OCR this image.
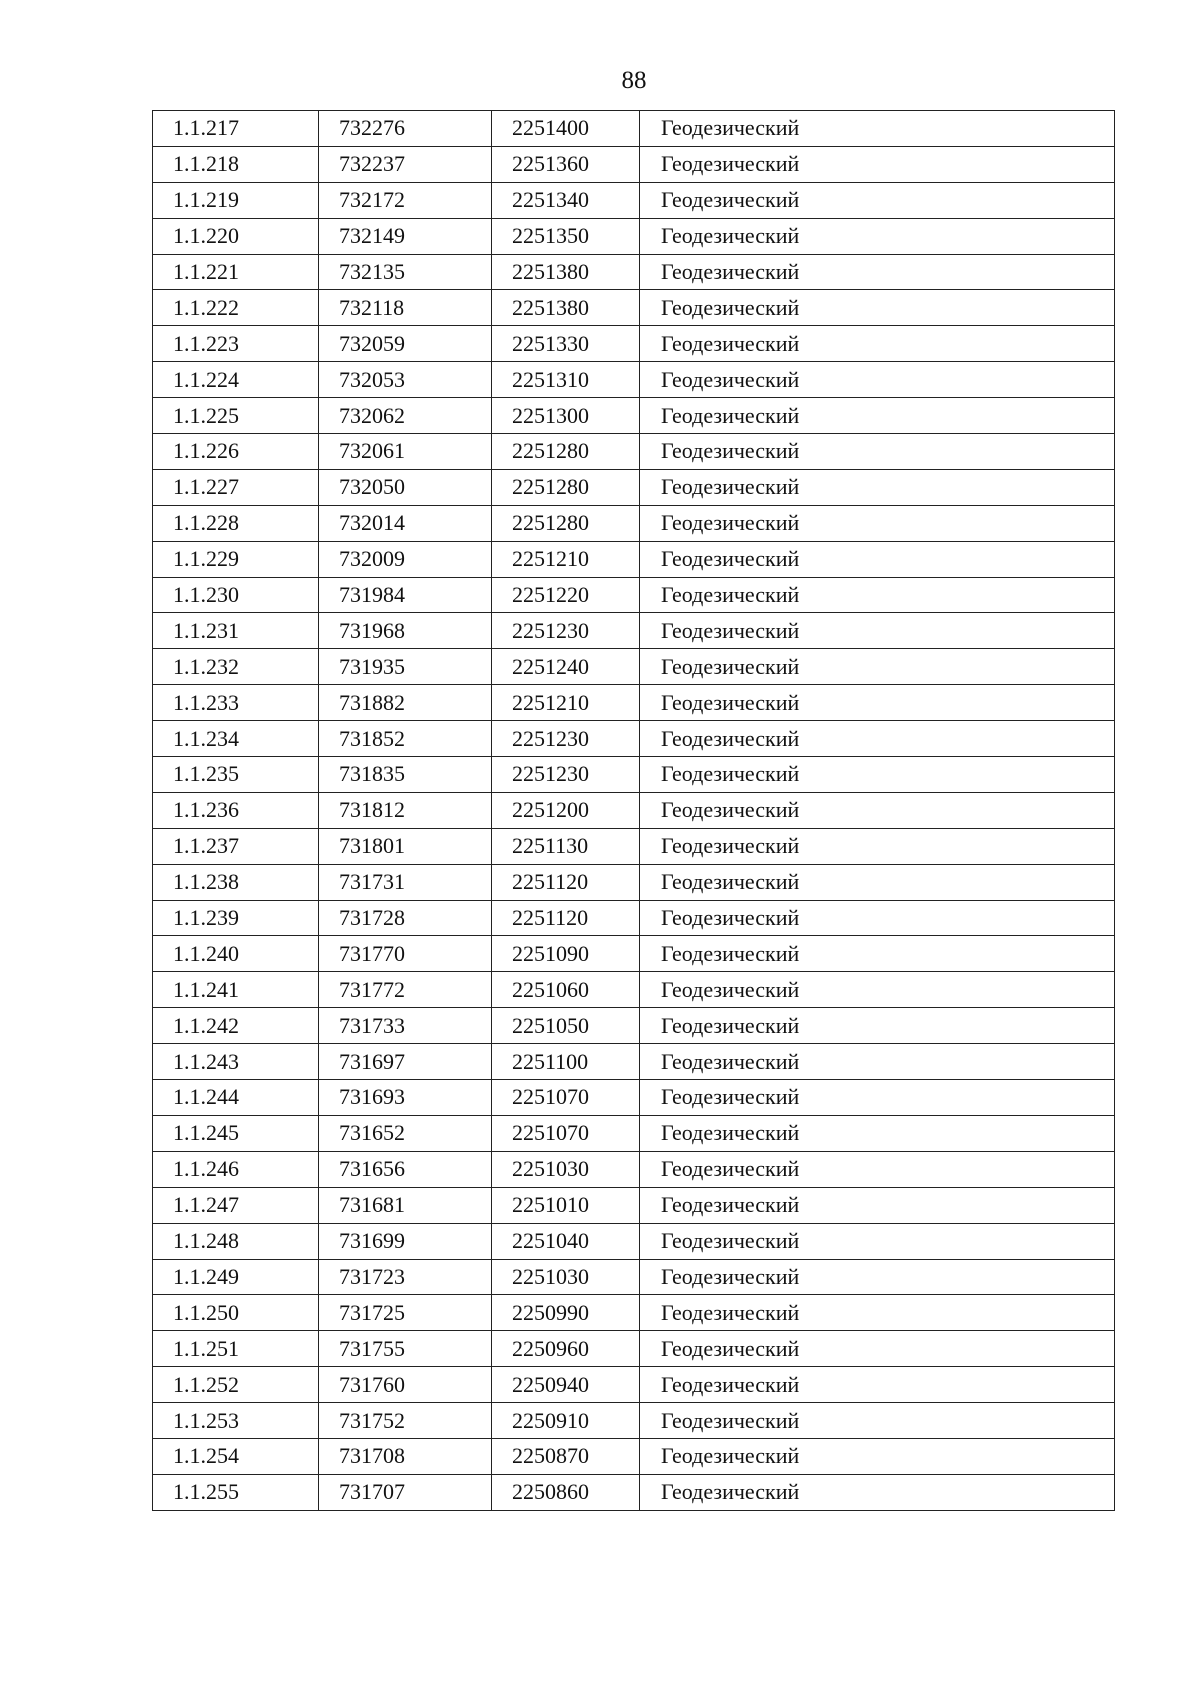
88
1.1.217	732276	2251400	Геодезический
1.1.218	732237	2251360	Геодезический
1.1.219	732172	2251340	Геодезический
1.1.220	732149	2251350	Геодезический
1.1.221	732135	2251380	Геодезический
1.1.222	732118	2251380	Геодезический
1.1.223	732059	2251330	Геодезический
1.1.224	732053	2251310	Геодезический
1.1.225	732062	2251300	Геодезический
1.1.226	732061	2251280	Геодезический
1.1.227	732050	2251280	Геодезический
1.1.228	732014	2251280	Геодезический
1.1.229	732009	2251210	Геодезический
1.1.230	731984	2251220	Геодезический
1.1.231	731968	2251230	Геодезический
1.1.232	731935	2251240	Геодезический
1.1.233	731882	2251210	Геодезический
1.1.234	731852	2251230	Геодезический
1.1.235	731835	2251230	Геодезический
1.1.236	731812	2251200	Геодезический
1.1.237	731801	2251130	Геодезический
1.1.238	731731	2251120	Геодезический
1.1.239	731728	2251120	Геодезический
1.1.240	731770	2251090	Геодезический
1.1.241	731772	2251060	Геодезический
1.1.242	731733	2251050	Геодезический
1.1.243	731697	2251100	Геодезический
1.1.244	731693	2251070	Геодезический
1.1.245	731652	2251070	Геодезический
1.1.246	731656	2251030	Геодезический
1.1.247	731681	2251010	Геодезический
1.1.248	731699	2251040	Геодезический
1.1.249	731723	2251030	Геодезический
1.1.250	731725	2250990	Геодезический
1.1.251	731755	2250960	Геодезический
1.1.252	731760	2250940	Геодезический
1.1.253	731752	2250910	Геодезический
1.1.254	731708	2250870	Геодезический
1.1.255	731707	2250860	Геодезический
